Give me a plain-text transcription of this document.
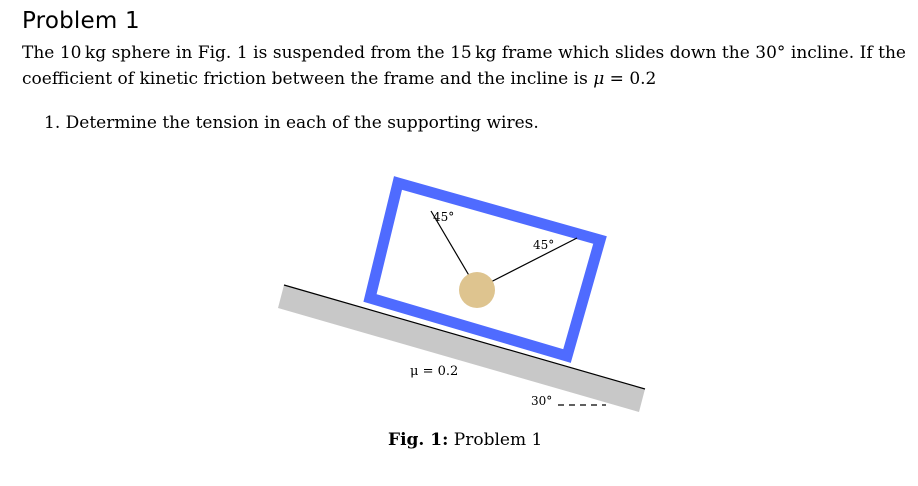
Problem 1

The 10 kg sphere in Fig. 1 is suspended from the 15 kg frame which slides down the 30° incline. If the
coefficient of kinetic friction between the frame and the incline is μ = 0.2

1. Determine the tension in each of the supporting wires.
45°
45°
μ = 0.2
30°
Fig. 1: Problem 1
